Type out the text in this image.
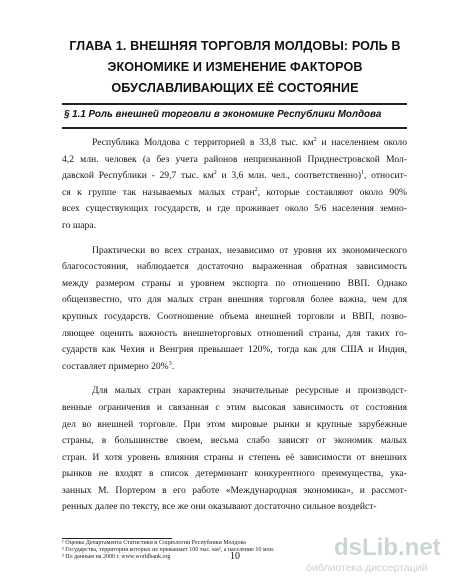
ГЛАВА 1. ВНЕШНЯЯ ТОРГОВЛЯ МОЛДОВЫ: РОЛЬ В
ЭКОНОМИКЕ И ИЗМЕНЕНИЕ ФАКТОРОВ
ОБУСЛАВЛИВАЮЩИХ ЕЁ СОСТОЯНИЕ
§ 1.1 Роль внешней торговли в экономике Республики Молдова
Республика Молдова с территорией в 33,8 тыс. $км^2$ и населением около
4,2 млн. человек (а без учета районов непризнанной Приднестровской Мол-
давской Республики - 29,7 тыс. $км^2$ и 3,6 млн. чел., соответственно)$^1$, относит-
ся к группе так называемых малых стран$^2$, которые составляют около 90%
всех существующих государств, и где проживает около 5/6 населения земно-
го шара.
Практически во всех странах, независимо от уровня их экономического
благосостояния, наблюдается достаточно выраженная обратная зависимость
между размером страны и уровнем экспорта по отношению ВВП. Однако
общеизвестно, что для малых стран внешняя торговля более важна, чем для
крупных государств. Соотношение объема внешней торговли и ВВП, позво-
ляющее оценить важность внешнеторговых отношений страны, для таких го-
сударств как Чехия и Венгрия превышает 120%, тогда как для США и Индия,
составляет примерно 20%$^3$.
Для малых стран характерны значительные ресурсные и производст-
венные ограничения и связанная с этим высокая зависимость от состояния
дел во внешней торговле. При этом мировые рынки и крупные зарубежные
страны, в большинстве своем, весьма слабо зависят от экономик малых
стран. И хотя уровень влияния страны и степень её зависимости от внешних
рынков не входят в список детерминант конкурентного преимущества, ука-
занных М. Портером в его работе «Международная экономика», и рассмот-
ренных далее по тексту, все же они оказывают достаточно сильное воздейст-
¹ Оценка Департамента Статистики и Социологии Республики Молдова
² Государства, территория которых не превышает 100 тыс. км², а население 10 млн.
³ По данным на 2000 г. www.worldbank.org	10	dsLib.net
библиотека диссертаций
